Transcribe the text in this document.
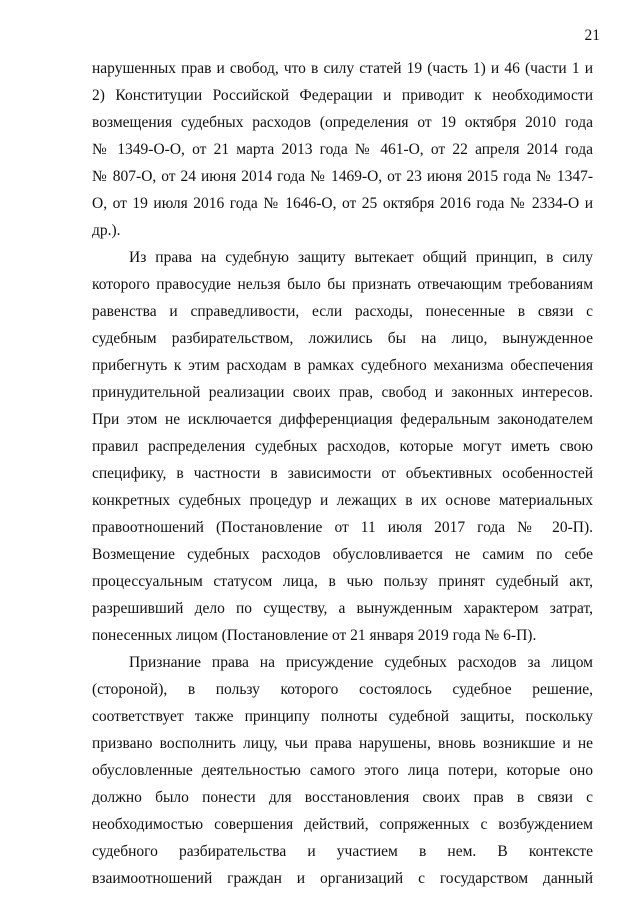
21
нарушенных прав и свобод, что в силу статей 19 (часть 1) и 46 (части 1 и
2) Конституции Российской Федерации и приводит к необходимости
возмещения судебных расходов (определения от 19 октября 2010 года
№ 1349-О-О, от 21 марта 2013 года № 461-О, от 22 апреля 2014 года
№ 807-О, от 24 июня 2014 года № 1469-О, от 23 июня 2015 года № 1347-
О, от 19 июля 2016 года № 1646-О, от 25 октября 2016 года № 2334-О и
др.).
Из права на судебную защиту вытекает общий принцип, в силу
которого правосудие нельзя было бы признать отвечающим требованиям
равенства и справедливости, если расходы, понесенные в связи с
судебным разбирательством, ложились бы на лицо, вынужденное
прибегнуть к этим расходам в рамках судебного механизма обеспечения
принудительной реализации своих прав, свобод и законных интересов.
При этом не исключается дифференциация федеральным законодателем
правил распределения судебных расходов, которые могут иметь свою
специфику, в частности в зависимости от объективных особенностей
конкретных судебных процедур и лежащих в их основе материальных
правоотношений (Постановление от 11 июля 2017 года № 20-П).
Возмещение судебных расходов обусловливается не самим по себе
процессуальным статусом лица, в чью пользу принят судебный акт,
разрешивший дело по существу, а вынужденным характером затрат,
понесенных лицом (Постановление от 21 января 2019 года № 6-П).
Признание права на присуждение судебных расходов за лицом
(стороной), в пользу которого состоялось судебное решение,
соответствует также принципу полноты судебной защиты, поскольку
призвано восполнить лицу, чьи права нарушены, вновь возникшие и не
обусловленные деятельностью самого этого лица потери, которые оно
должно было понести для восстановления своих прав в связи с
необходимостью совершения действий, сопряженных с возбуждением
судебного разбирательства и участием в нем. В контексте
взаимоотношений граждан и организаций с государством данный
